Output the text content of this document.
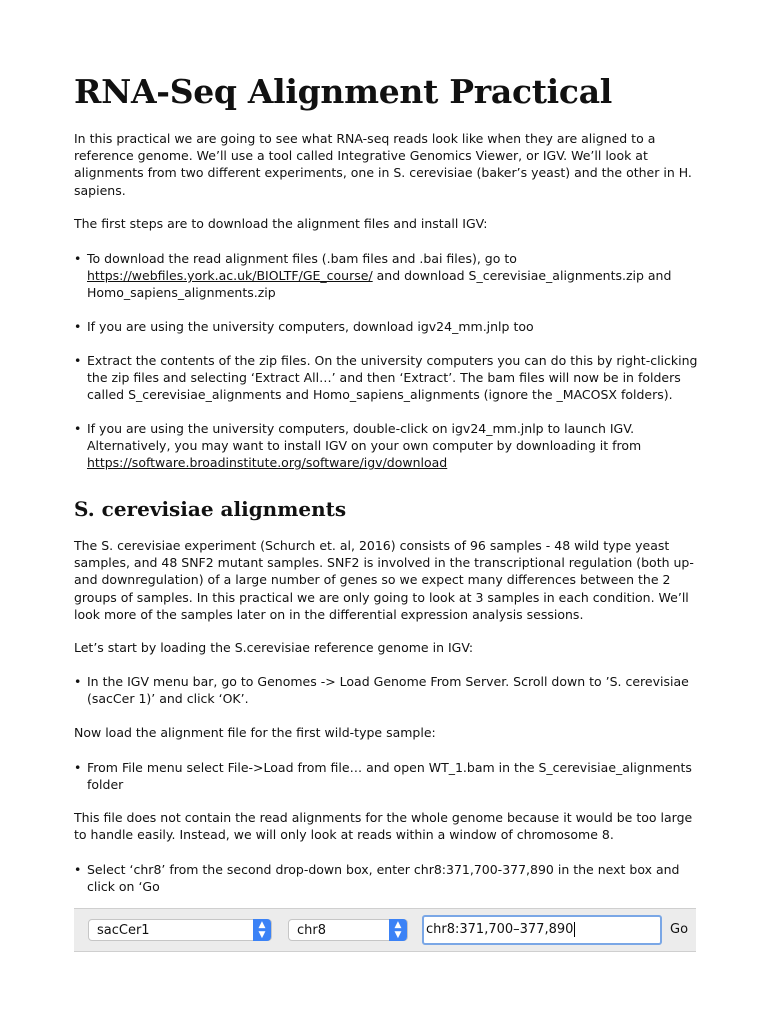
RNA-Seq Alignment Practical

In this practical we are going to see what RNA-seq reads look like when they are aligned to a reference genome. We’ll use a tool called Integrative Genomics Viewer, or IGV. We’ll look at alignments from two different experiments, one in S. cerevisiae (baker’s yeast) and the other in H. sapiens.

The first steps are to download the alignment files and install IGV:

• To download the read alignment files (.bam files and .bai files), go to https://webfiles.york.ac.uk/BIOLTF/GE_course/ and download S_cerevisiae_alignments.zip and Homo_sapiens_alignments.zip
• If you are using the university computers, download igv24_mm.jnlp too
• Extract the contents of the zip files. On the university computers you can do this by right-clicking the zip files and selecting ‘Extract All…’ and then ‘Extract’. The bam files will now be in folders called S_cerevisiae_alignments and Homo_sapiens_alignments (ignore the _MACOSX folders).
• If you are using the university computers, double-click on igv24_mm.jnlp to launch IGV. Alternatively, you may want to install IGV on your own computer by downloading it from https://software.broadinstitute.org/software/igv/download
S. cerevisiae alignments

The S. cerevisiae experiment (Schurch et. al, 2016) consists of 96 samples - 48 wild type yeast samples, and 48 SNF2 mutant samples. SNF2 is involved in the transcriptional regulation (both up- and downregulation) of a large number of genes so we expect many differences between the 2 groups of samples. In this practical we are only going to look at 3 samples in each condition. We’ll look more of the samples later on in the differential expression analysis sessions.

Let’s start by loading the S.cerevisiae reference genome in IGV:

• In the IGV menu bar, go to Genomes -> Load Genome From Server. Scroll down to ’S. cerevisiae (sacCer 1)’ and click ‘OK’.

Now load the alignment file for the first wild-type sample:

• From File menu select File->Load from file… and open WT_1.bam in the S_cerevisiae_alignments folder

This file does not contain the read alignments for the whole genome because it would be too large to handle easily. Instead, we will only look at reads within a window of chromosome 8.

• Select ‘chr8’ from the second drop-down box, enter chr8:371,700-377,890 in the next box and click on ‘Go
sacCer1	▲
▼	chr8	▲
▼	chr8:371,700–377,890	Go
